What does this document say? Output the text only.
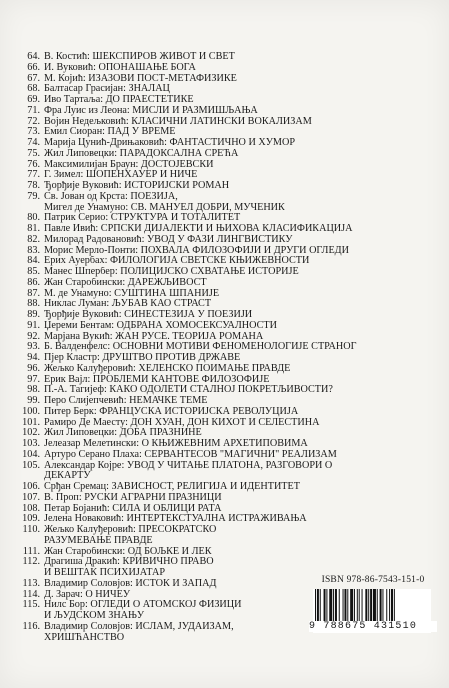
64. В. Костић: ШЕКСПИРОВ ЖИВОТ И СВЕТ
66. И. Вуковић: ОПОНАШАЊЕ БОГА
67. М. Којић: ИЗАЗОВИ ПОСТ-МЕТАФИЗИКЕ
68. Балтасар Грасијан: ЗНАЛАЦ
69. Иво Тартаља: ДО ПРАЕСТЕТИКЕ
71. Фра Луис из Леона: МИСЛИ И РАЗМИШЉАЊА
72. Војин Недељковић: КЛАСИЧНИ ЛАТИНСКИ ВОКАЛИЗАМ
73. Емил Сиоран: ПАД У ВРЕМЕ
74. Марија Цунић-Дрињаковић: ФАНТАСТИЧНО И ХУМОР
75. Жил Липовецки: ПАРАДОКСАЛНА СРЕЋА
76. Максимилијан Браун: ДОСТОЈЕВСКИ
77. Г. Зимел: ШОПЕНХАУЕР И НИЧЕ
78. Ђорђије Вуковић: ИСТОРИЈСКИ РОМАН
79. Св. Јован од Крста: ПОЕЗИЈА,
Мигел де Унамуно: СВ. МАНУЕЛ ДОБРИ, МУЧЕНИК
80. Патрик Серио: СТРУКТУРА И ТОТАЛИТЕТ
81. Павле Ивић: СРПСКИ ДИЈАЛЕКТИ И ЊИХОВА КЛАСИФИКАЦИЈА
82. Милорад Радовановић: УВОД У ФАЗИ ЛИНГВИСТИКУ
83. Морис Мерло-Понти: ПОХВАЛА ФИЛОЗОФИЈИ И ДРУГИ ОГЛЕДИ
84. Ерих Ауербах: ФИЛОЛОГИЈА СВЕТСКЕ КЊИЖЕВНОСТИ
85. Манес Шпербер: ПОЛИЦИЈСКО СХВАТАЊЕ ИСТОРИЈЕ
86. Жан Старобински: ДАРЕЖЉИВОСТ
87. М. де Унамуно: СУШТИНА ШПАНИЈЕ
88. Никлас Луман: ЉУБАВ КАО СТРАСТ
89. Ђорђије Вуковић: СИНЕСТЕЗИЈА У ПОЕЗИЈИ
91. Џереми Бентам: ОДБРАНА ХОМОСЕКСУАЛНОСТИ
92. Марјана Вукић: ЖАН РУСЕ. ТЕОРИЈА РОМАНА
93. Б. Валденфелс: ОСНОВНИ МОТИВИ ФЕНОМЕНОЛОГИЈЕ СТРАНОГ
94. Пјер Кластр: ДРУШТВО ПРОТИВ ДРЖАВЕ
96. Жељко Калуђеровић: ХЕЛЕНСКО ПОИМАЊЕ ПРАВДЕ
97. Ерик Вајл: ПРОБЛЕМИ КАНТОВЕ ФИЛОЗОФИЈЕ
98. П.-А. Тагијеф: КАКО ОДОЛЕТИ СТАЛНОЈ ПОКРЕТЉИВОСТИ?
99. Перо Слијепчевић: НЕМАЧКЕ ТЕМЕ
100. Питер Берк: ФРАНЦУСКА ИСТОРИЈСКА РЕВОЛУЦИЈА
101. Рамиро Де Маесту: ДОН ХУАН, ДОН КИХОТ И СЕЛЕСТИНА
102. Жил Липовецки: ДОБА ПРАЗНИНЕ
103. Јелеазар Мелетински: О КЊИЖЕВНИМ АРХЕТИПОВИМА
104. Артуро Серано Плаха: СЕРВАНТЕСОВ "МАГИЧНИ" РЕАЛИЗАМ
105. Александар Којре: УВОД У ЧИТАЊЕ ПЛАТОНА, РАЗГОВОРИ О
ДЕКАРТУ
106. Срђан Сремац: ЗАВИСНОСТ, РЕЛИГИЈА И ИДЕНТИТЕТ
107. В. Проп: РУСКИ АГРАРНИ ПРАЗНИЦИ
108. Петар Бојанић: СИЛА И ОБЛИЦИ РАТА
109. Јелена Новаковић: ИНТЕРТЕКСТУАЛНА ИСТРАЖИВАЊА
110. Жељко Калуђеровић: ПРЕСОКРАТСКО
РАЗУМЕВАЊЕ ПРАВДЕ
111. Жан Старобински: ОД БОЉКЕ И ЛЕК
112. Драгиша Дракић: КРИВИЧНО ПРАВО
И ВЕШТАК ПСИХИЈАТАР
113. Владимир Соловјов: ИСТОК И ЗАПАД
114. Д. Зарач: О НИЧЕУ
115. Нилс Бор: ОГЛЕДИ О АТОМСКОЈ ФИЗИЦИ
И ЉУДСКОМ ЗНАЊУ
116. Владимир Соловјов: ИСЛАМ, ЈУДАИЗАМ,
ХРИШЋАНСТВО
ISBN 978-86-7543-151-0
9 788675 431510
